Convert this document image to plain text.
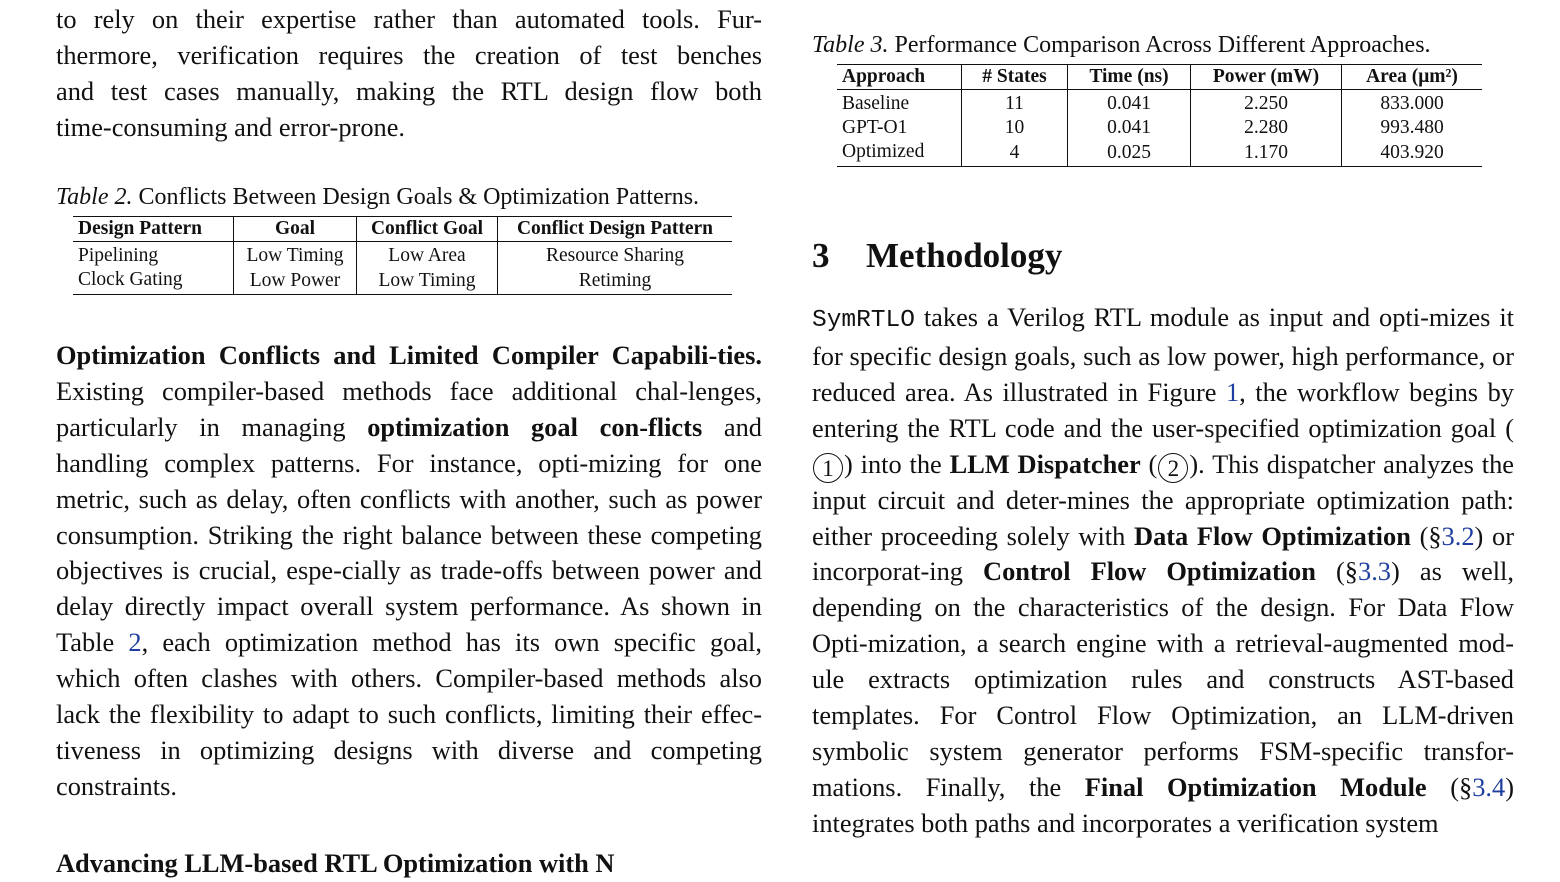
to rely on their expertise rather than automated tools. Fur-
thermore, verification requires the creation of test benches
and test cases manually, making the RTL design flow both
time-consuming and error-prone.

Table 2. Conflicts Between Design Goals & Optimization Patterns.
Design Pattern	Goal	Conflict Goal	Conflict Design Pattern
Pipelining	Low Timing	Low Area	Resource Sharing
Clock Gating	Low Power	Low Timing	Retiming

Optimization Conflicts and Limited Compiler Capabili-ties. Existing compiler-based methods face additional chal-lenges, particularly in managing optimization goal con-flicts and handling complex patterns. For instance, opti-mizing for one metric, such as delay, often conflicts with another, such as power consumption. Striking the right balance between these competing objectives is crucial, espe-cially as trade-offs between power and delay directly impact overall system performance. As shown in Table 2, each optimization method has its own specific goal, which often clashes with others. Compiler-based methods also lack the flexibility to adapt to such conflicts, limiting their effec-tiveness in optimizing designs with diverse and competing constraints.

Advancing LLM-based RTL Optimization with N
Table 3. Performance Comparison Across Different Approaches.
Approach	# States	Time (ns)	Power (mW)	Area (μm²)
Baseline	11	0.041	2.250	833.000
GPT-O1	10	0.041	2.280	993.480
Optimized	4	0.025	1.170	403.920
3 Methodology

SymRTLO takes a Verilog RTL module as input and opti-mizes it for specific design goals, such as low power, high performance, or reduced area. As illustrated in Figure 1, the workflow begins by entering the RTL code and the user-specified optimization goal (1 ) into the LLM Dispatcher ( 2 ). This dispatcher analyzes the input circuit and deter-mines the appropriate optimization path: either proceeding solely with Data Flow Optimization (§3.2) or incorporat-ing Control Flow Optimization (§3.3) as well, depending on the characteristics of the design. For Data Flow Opti-mization, a search engine with a retrieval-augmented mod-ule extracts optimization rules and constructs AST-based templates. For Control Flow Optimization, an LLM-driven symbolic system generator performs FSM-specific transfor-mations. Finally, the Final Optimization Module (§3.4) integrates both paths and incorporates a verification system
